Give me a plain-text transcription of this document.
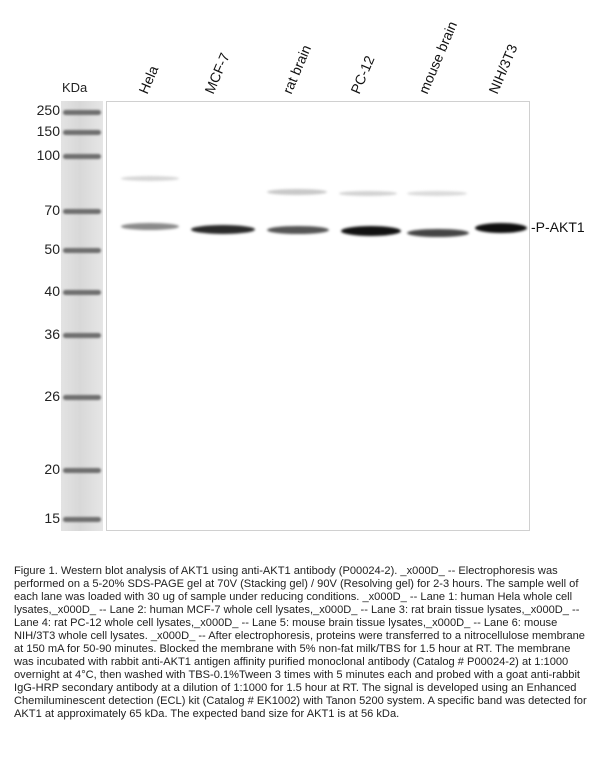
Hela	MCF-7	rat brain PC-12	mouse brain NIH/3T3
KDa
250
150
100
70
50
40
36
26
20
15
-P-AKT1
Figure 1. Western blot analysis of AKT1 using anti-AKT1 antibody (P00024-2). _x000D_ -- Electrophoresis was performed on a 5-20% SDS-PAGE gel at 70V (Stacking gel) / 90V (Resolving gel) for 2-3 hours. The sample well of each lane was loaded with 30 ug of sample under reducing conditions. _x000D_ -- Lane 1: human Hela whole cell lysates,_x000D_ -- Lane 2: human MCF-7 whole cell lysates,_x000D_ -- Lane 3: rat brain tissue lysates,_x000D_ -- Lane 4: rat PC-12 whole cell lysates,_x000D_ -- Lane 5: mouse brain tissue lysates,_x000D_ -- Lane 6: mouse NIH/3T3 whole cell lysates. _x000D_ -- After electrophoresis, proteins were transferred to a nitrocellulose membrane at 150 mA for 50-90 minutes. Blocked the membrane with 5% non-fat milk/TBS for 1.5 hour at RT. The membrane was incubated with rabbit anti-AKT1 antigen affinity purified monoclonal antibody (Catalog # P00024-2) at 1:1000 overnight at 4°C, then washed with TBS-0.1%Tween 3 times with 5 minutes each and probed with a goat anti-rabbit IgG-HRP secondary antibody at a dilution of 1:1000 for 1.5 hour at RT. The signal is developed using an Enhanced Chemiluminescent detection (ECL) kit (Catalog # EK1002) with Tanon 5200 system. A specific band was detected for AKT1 at approximately 65 kDa. The expected band size for AKT1 is at 56 kDa.
